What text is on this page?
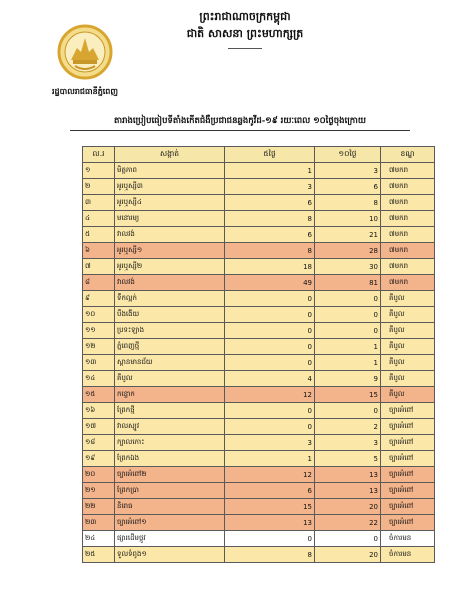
ព្រះរាជាណាចក្រកម្ពុជា
ជាតិ សាសនា ព្រះមហាក្សត្រ
រដ្ឋបាលរាជធានីភ្នំពេញ
តារាងប្រៀបធៀបទីតាំងកើតជំងឺប្រជាជនឆ្លងកូវីដ-១៩ រយៈពេល ១០ថ្ងៃចុងក្រោយ
ល.រ	សង្កាត់	៥ថ្ងៃ	១០ថ្ងៃ	ខណ្ឌ
១	មិត្តភាព	1	3	៧មករា
២	អូរឬស្សី៣	3	6	៧មករា
៣	អូរឬស្សី៤	6	8	៧មករា
៤	មនោរម្យ	8	10	៧មករា
៥	វាលវង់	6	21	៧មករា
៦	អូរឬស្សី១	8	28	៧មករា
៧	អូរឬស្សី២	18	30	៧មករា
៨	វាលវង់	49	81	៧មករា
៩	ទឹកល្អក់	0	0	គីបូល
១០	បឹងងើយ	0	0	គីបូល
១១	ប្រទះឡាង	0	0	គីបូល
១២	ភ្នំពេញថ្មី	0	1	គីបូល
១៣	ស្ពានមានជ័យ	0	1	គីបូល
១៤	គីបូល	4	9	គីបូល
១៥	កន្ទោក	12	15	គីបូល
១៦	ព្រែកថ្មី	0	0	ច្បារអំពៅ
១៧	វាលស្បូវ	0	2	ច្បារអំពៅ
១៨	ក្បាលកោះ	3	3	ច្បារអំពៅ
១៩	ព្រែកឯង	1	5	ច្បារអំពៅ
២០	ច្បារអំពៅ២	12	13	ច្បារអំពៅ
២១	ព្រែកប្រា	6	13	ច្បារអំពៅ
២២	និរោធ	15	20	ច្បារអំពៅ
២៣	ច្បារអំពៅ១	13	22	ច្បារអំពៅ
២៤	ផ្សារដើមថ្កូវ	0	0	ចំការមន
២៥	ទួលទំពូង១	8	20	ចំការមន
